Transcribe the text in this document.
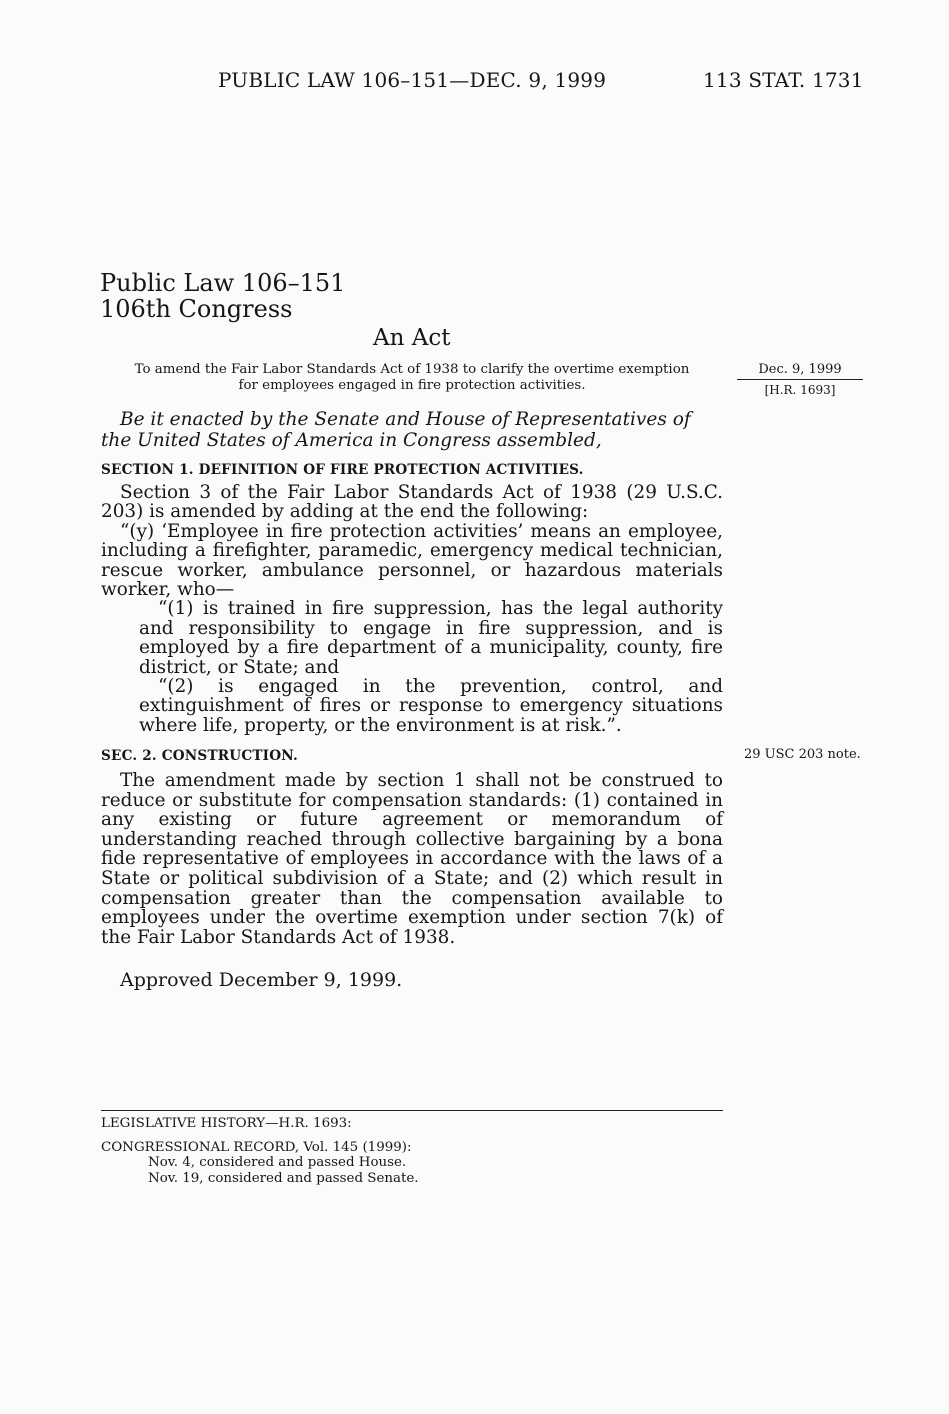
PUBLIC LAW 106–151—DEC. 9, 1999	113 STAT. 1731
Public Law 106–151
106th Congress
An Act
To amend the Fair Labor Standards Act of 1938 to clarify the overtime exemption
for employees engaged in fire protection activities.
Dec. 9, 1999
[H.R. 1693]
Be it enacted by the Senate and House of Representatives of the United States of America in Congress assembled,
SECTION 1. DEFINITION OF FIRE PROTECTION ACTIVITIES.

Section 3 of the Fair Labor Standards Act of 1938 (29 U.S.C. 203) is amended by adding at the end the following:

“(y) ‘Employee in fire protection activities’ means an employee, including a firefighter, paramedic, emergency medical technician, rescue worker, ambulance personnel, or hazardous materials worker, who—

“(1) is trained in fire suppression, has the legal authority and responsibility to engage in fire suppression, and is employed by a fire department of a municipality, county, fire district, or State; and

“(2) is engaged in the prevention, control, and extinguishment of fires or response to emergency situations where life, property, or the environment is at risk.”.

SEC. 2. CONSTRUCTION.	29 USC 203 note.

The amendment made by section 1 shall not be construed to reduce or substitute for compensation standards: (1) contained in any existing or future agreement or memorandum of understanding reached through collective bargaining by a bona fide representative of employees in accordance with the laws of a State or political subdivision of a State; and (2) which result in compensation greater than the compensation available to employees under the overtime exemption under section 7(k) of the Fair Labor Standards Act of 1938.

Approved December 9, 1999.
LEGISLATIVE HISTORY—H.R. 1693:
CONGRESSIONAL RECORD, Vol. 145 (1999):
Nov. 4, considered and passed House.
Nov. 19, considered and passed Senate.
